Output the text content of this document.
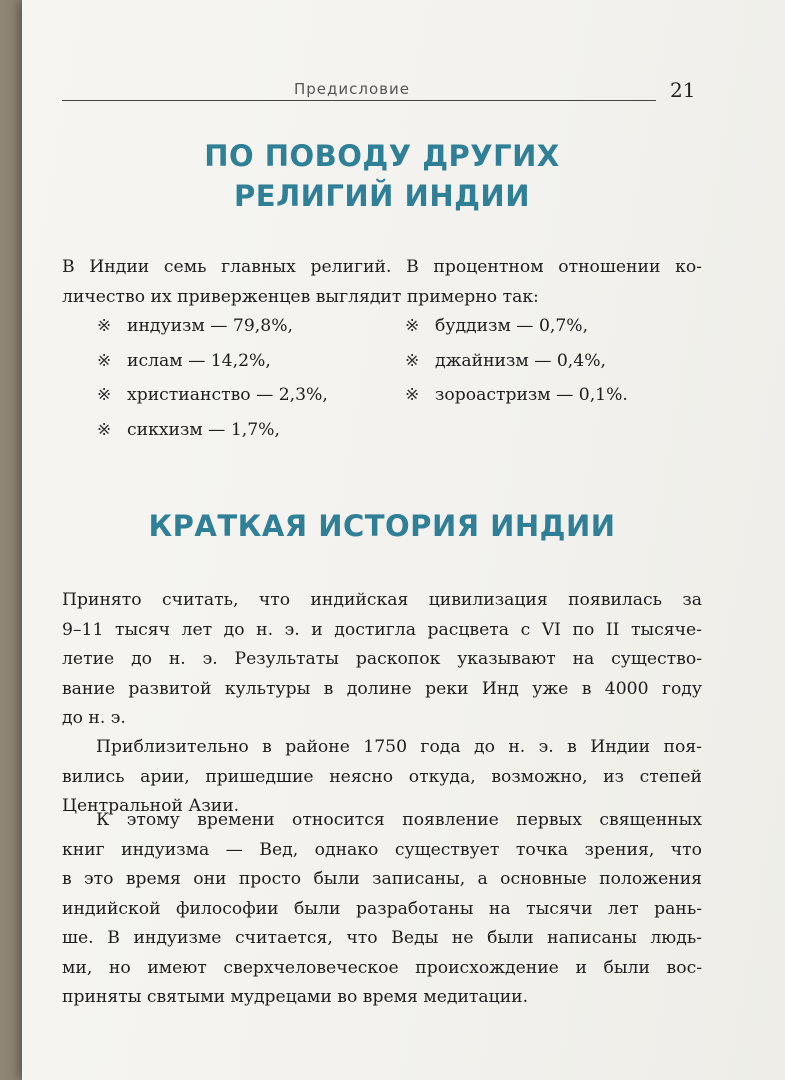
Предисловие	21
ПО ПОВОДУ ДРУГИХ
РЕЛИГИЙ ИНДИИ

В Индии семь главных религий. В процентном отношении ко-
личество их приверженцев выглядит примерно так:

※ индуизм — 79,8%,
※ ислам — 14,2%,
※ христианство — 2,3%,
※ сикхизм — 1,7%,
※ буддизм — 0,7%,
※ джайнизм — 0,4%,
※ зороастризм — 0,1%.
КРАТКАЯ ИСТОРИЯ ИНДИИ

Принято считать, что индийская цивилизация появилась за
9–11 тысяч лет до н. э. и достигла расцвета с VI по II тысяче-
летие до н. э. Результаты раскопок указывают на существо-
вание развитой культуры в долине реки Инд уже в 4000 году
до н. э.

Приблизительно в районе 1750 года до н. э. в Индии поя-
вились арии, пришедшие неясно откуда, возможно, из степей
Центральной Азии.

К этому времени относится появление первых священных
книг индуизма — Вед, однако существует точка зрения, что
в это время они просто были записаны, а основные положения
индийской философии были разработаны на тысячи лет рань-
ше. В индуизме считается, что Веды не были написаны людь-
ми, но имеют сверхчеловеческое происхождение и были вос-
приняты святыми мудрецами во время медитации.
